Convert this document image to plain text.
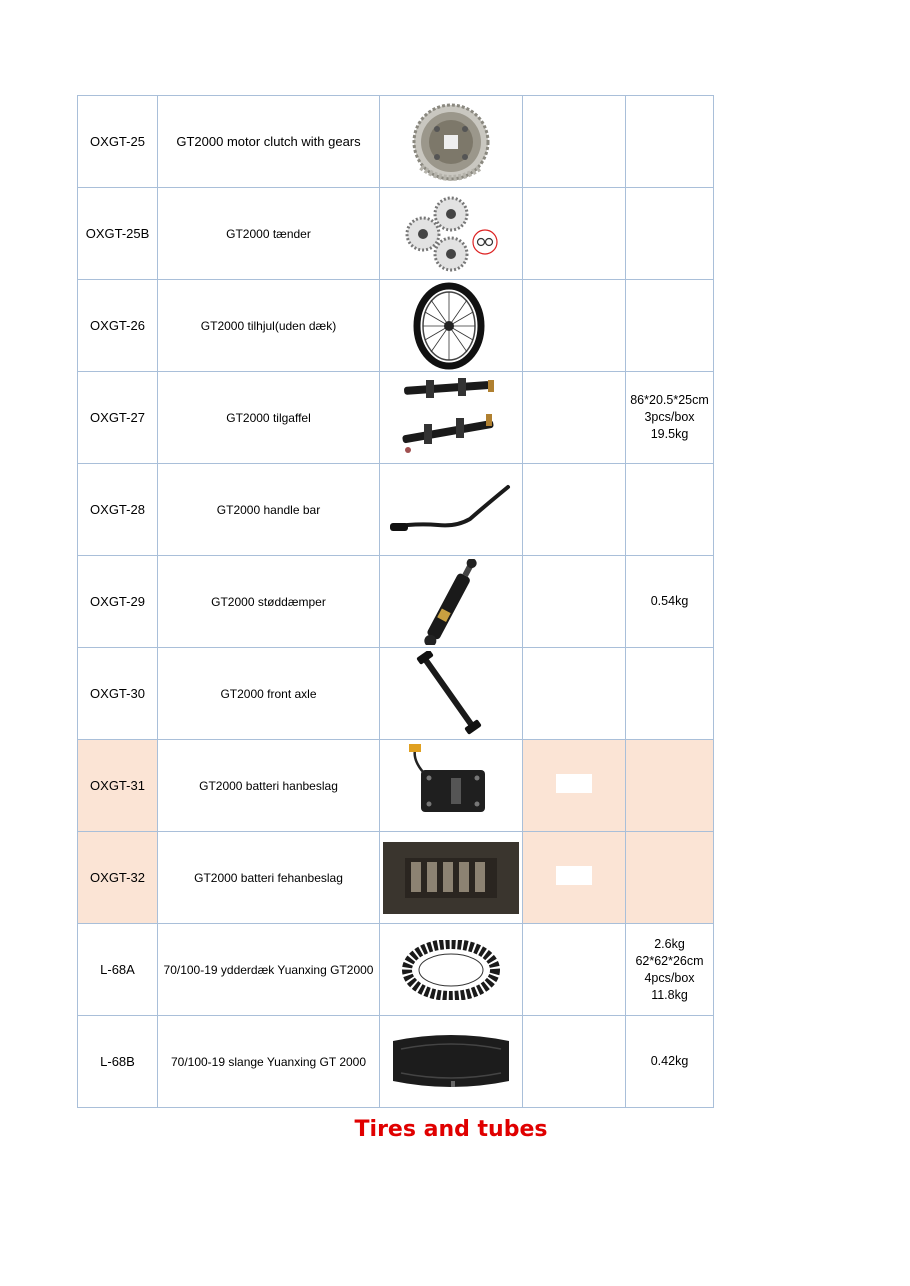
OXGT-25	GT2000 motor clutch with gears	

OXGT-25B	GT2000 tænder	

OXGT-26	GT2000 tilhjul(uden dæk)	

OXGT-27	GT2000 tilgaffel			86*20.5*25cm
3pcs/box
19.5kg

OXGT-28	GT2000 handle bar	

OXGT-29	GT2000 støddæmper			0.54kg

OXGT-30	GT2000 front axle	

OXGT-31	GT2000 batteri hanbeslag	

OXGT-32	GT2000 batteri fehanbeslag	

L-68A	70/100-19 ydderdæk Yuanxing GT2000			2.6kg
62*62*26cm
4pcs/box
11.8kg

L-68B	70/100-19 slange Yuanxing GT 2000			0.42kg
Tires and tubes
